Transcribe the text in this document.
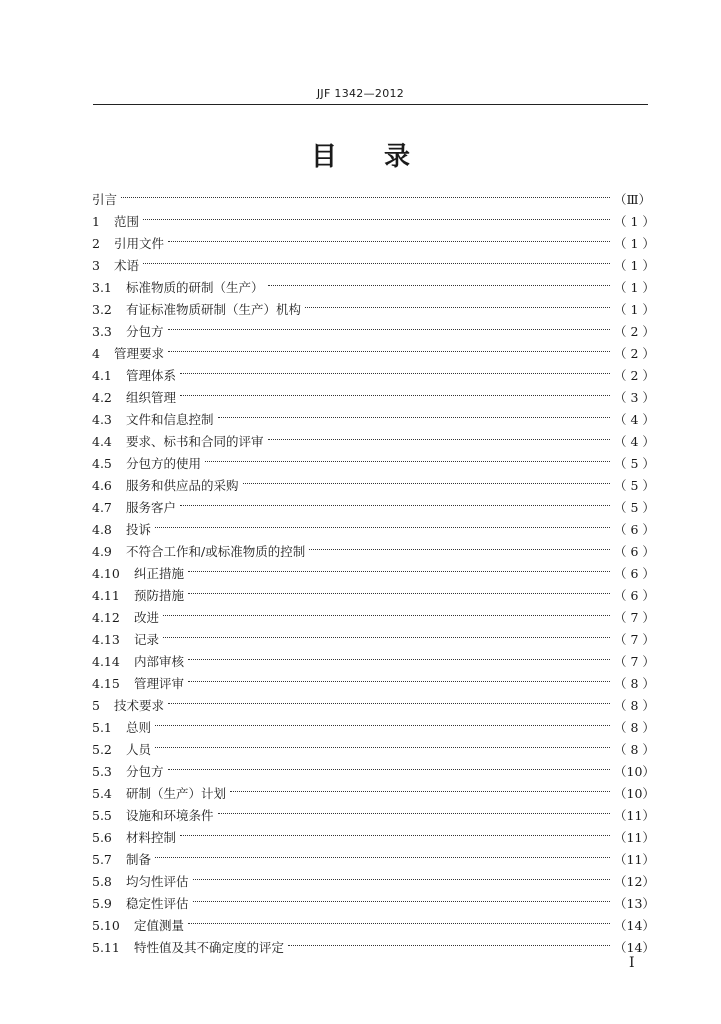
JJF 1342—2012
目 录
引言	（Ⅲ）
1 范围	（ 1 ）
2 引用文件	（ 1 ）
3 术语	（ 1 ）
3.1	标准物质的研制（生产）	（ 1 ）
3.2	有证标准物质研制（生产）机构	（ 1 ）
3.3	分包方	（ 2 ）
4 管理要求	（ 2 ）
4.1	管理体系	（ 2 ）
4.2	组织管理	（ 3 ）
4.3	文件和信息控制	（ 4 ）
4.4	要求、标书和合同的评审	（ 4 ）
4.5	分包方的使用	（ 5 ）
4.6	服务和供应品的采购	（ 5 ）
4.7	服务客户	（ 5 ）
4.8	投诉	（ 6 ）
4.9	不符合工作和/或标准物质的控制	（ 6 ）
4.10	纠正措施	（ 6 ）
4.11	预防措施	（ 6 ）
4.12	改进	（ 7 ）
4.13	记录	（ 7 ）
4.14	内部审核	（ 7 ）
4.15	管理评审	（ 8 ）
5 技术要求	（ 8 ）
5.1	总则	（ 8 ）
5.2	人员	（ 8 ）
5.3	分包方	（10）
5.4	研制（生产）计划	（10）
5.5	设施和环境条件	（11）
5.6	材料控制	（11）
5.7	制备	（11）
5.8	均匀性评估	（12）
5.9	稳定性评估	（13）
5.10	定值测量	（14）
5.11	特性值及其不确定度的评定	（14）
I
